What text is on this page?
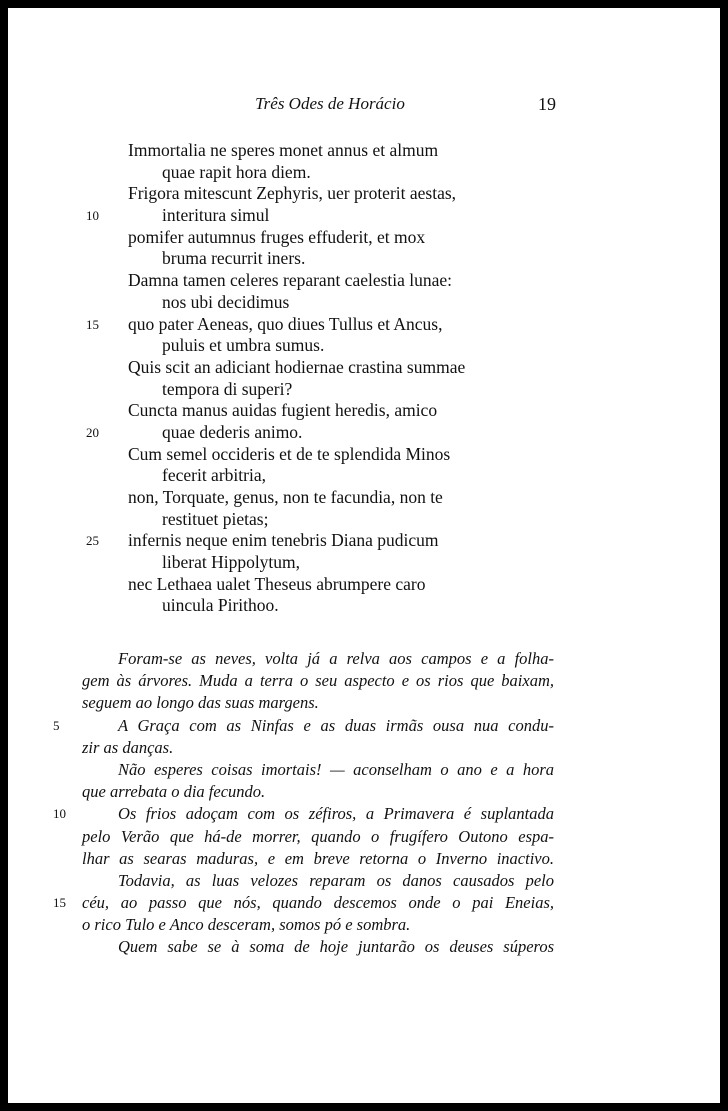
Três Odes de Horácio	19
Immortalia ne speres monet annus et almum
quae rapit hora diem.
Frigora mitescunt Zephyris, uer proterit aestas,
10	interitura simul
pomifer autumnus fruges effuderit, et mox
bruma recurrit iners.
Damna tamen celeres reparant caelestia lunae:
nos ubi decidimus
15 quo pater Aeneas, quo diues Tullus et Ancus,
puluis et umbra sumus.
Quis scit an adiciant hodiernae crastina summae
tempora di superi?
Cuncta manus auidas fugient heredis, amico
20	quae dederis animo.
Cum semel occideris et de te splendida Minos
fecerit arbitria,
non, Torquate, genus, non te facundia, non te
restituet pietas;
25 infernis neque enim tenebris Diana pudicum
liberat Hippolytum,
nec Lethaea ualet Theseus abrumpere caro
uincula Pirithoo.
Foram-se as neves, volta já a relva aos campos e a folha-
gem às árvores. Muda a terra o seu aspecto e os rios que baixam,
seguem ao longo das suas margens.
5	A Graça com as Ninfas e as duas irmãs ousa nua condu-
zir as danças.
Não esperes coisas imortais! — aconselham o ano e a hora
que arrebata o dia fecundo.
10	Os frios adoçam com os zéfiros, a Primavera é suplantada
pelo Verão que há-de morrer, quando o frugífero Outono espa-
lhar as searas maduras, e em breve retorna o Inverno inactivo.
Todavia, as luas velozes reparam os danos causados pelo
15 céu, ao passo que nós, quando descemos onde o pai Eneias,
o rico Tulo e Anco desceram, somos pó e sombra.
Quem sabe se à soma de hoje juntarão os deuses súperos
